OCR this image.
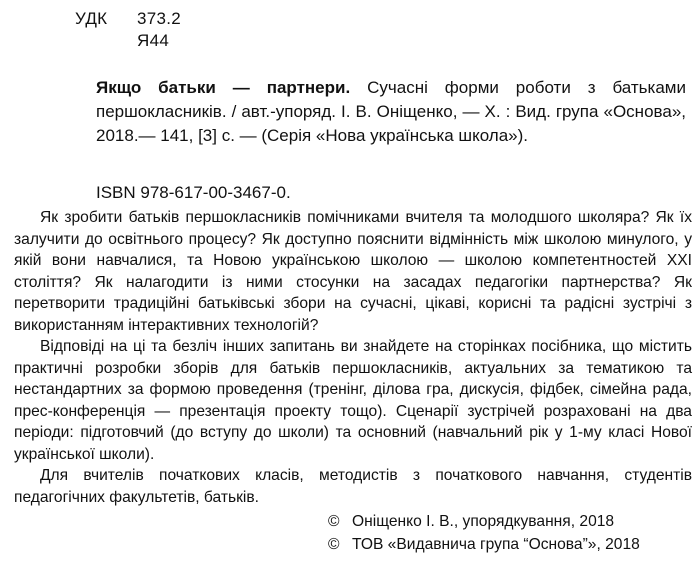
УДК	373.2
Я44
Якщо батьки — партнери. Сучасні форми роботи з батьками першокласників. / авт.-упоряд. І. В. Оніщенко, — Х. : Вид. група «Основа», 2018.— 141, [3] с. — (Серія «Нова українська школа»).
ISBN 978-617-00-3467-0.

Як зробити батьків першокласників помічниками вчителя та молодшого школяра? Як їх залучити до освітнього процесу? Як доступно пояснити відмінність між школою минулого, у якій вони навчалися, та Новою українською школою — школою компетентностей XXI століття? Як налагодити із ними стосунки на засадах педагогіки партнерства? Як перетворити традиційні батьківські збори на сучасні, цікаві, корисні та радісні зустрічі з використанням інтерактивних технологій?

Відповіді на ці та безліч інших запитань ви знайдете на сторінках посібника, що містить практичні розробки зборів для батьків першокласників, актуальних за тематикою та нестандартних за формою проведення (тренінг, ділова гра, дискусія, фідбек, сімейна рада, прес-конференція — презентація проекту тощо). Сценарії зустрічей розраховані на два періоди: підготовчий (до вступу до школи) та основний (навчальний рік у 1-му класі Нової української школи).

Для вчителів початкових класів, методистів з початкового навчання, студентів педагогічних факультетів, батьків.

© Оніщенко І. В., упорядкування, 2018
© ТОВ «Видавнича група “Основа”», 2018
